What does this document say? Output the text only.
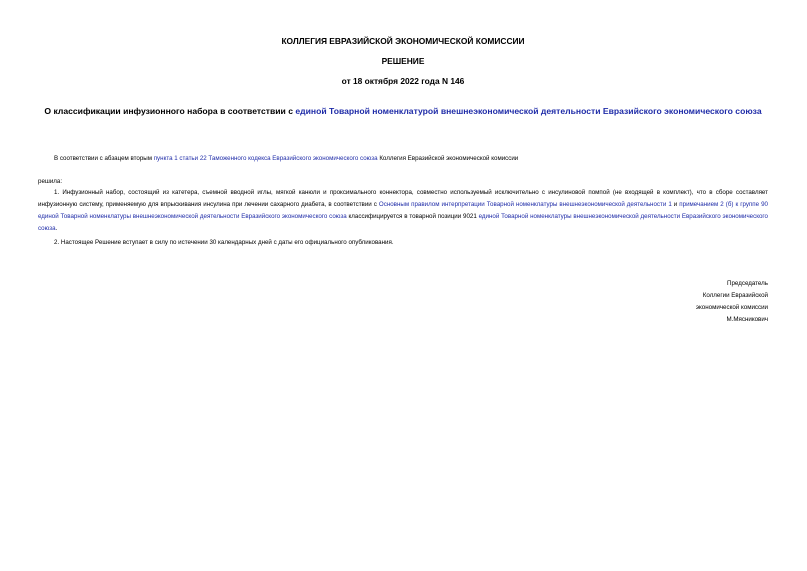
КОЛЛЕГИЯ ЕВРАЗИЙСКОЙ ЭКОНОМИЧЕСКОЙ КОМИССИИ
РЕШЕНИЕ
от 18 октября 2022 года N 146
О классификации инфузионного набора в соответствии с единой Товарной номенклатурой внешнеэкономической деятельности Евразийского экономического союза
В соответствии с абзацем вторым пункта 1 статьи 22 Таможенного кодекса Евразийского экономического союза Коллегия Евразийской экономической комиссии
решила:
1. Инфузионный набор, состоящий из катетера, съемной вводной иглы, мягкой канюли и проксимального коннектора, совместно используемый исключительно с инсулиновой помпой (не входящей в комплект), что в сборе составляет инфузионную систему, применяемую для впрыскивания инсулина при лечении сахарного диабета, в соответствии с Основным правилом интерпретации Товарной номенклатуры внешнеэкономической деятельности 1 и примечанием 2 (б) к группе 90 единой Товарной номенклатуры внешнеэкономической деятельности Евразийского экономического союза классифицируется в товарной позиции 9021 единой Товарной номенклатуры внешнеэкономической деятельности Евразийского экономического союза.
2. Настоящее Решение вступает в силу по истечении 30 календарных дней с даты его официального опубликования.
Председатель
Коллегии Евразийской
экономической комиссии
М.Мясникович
